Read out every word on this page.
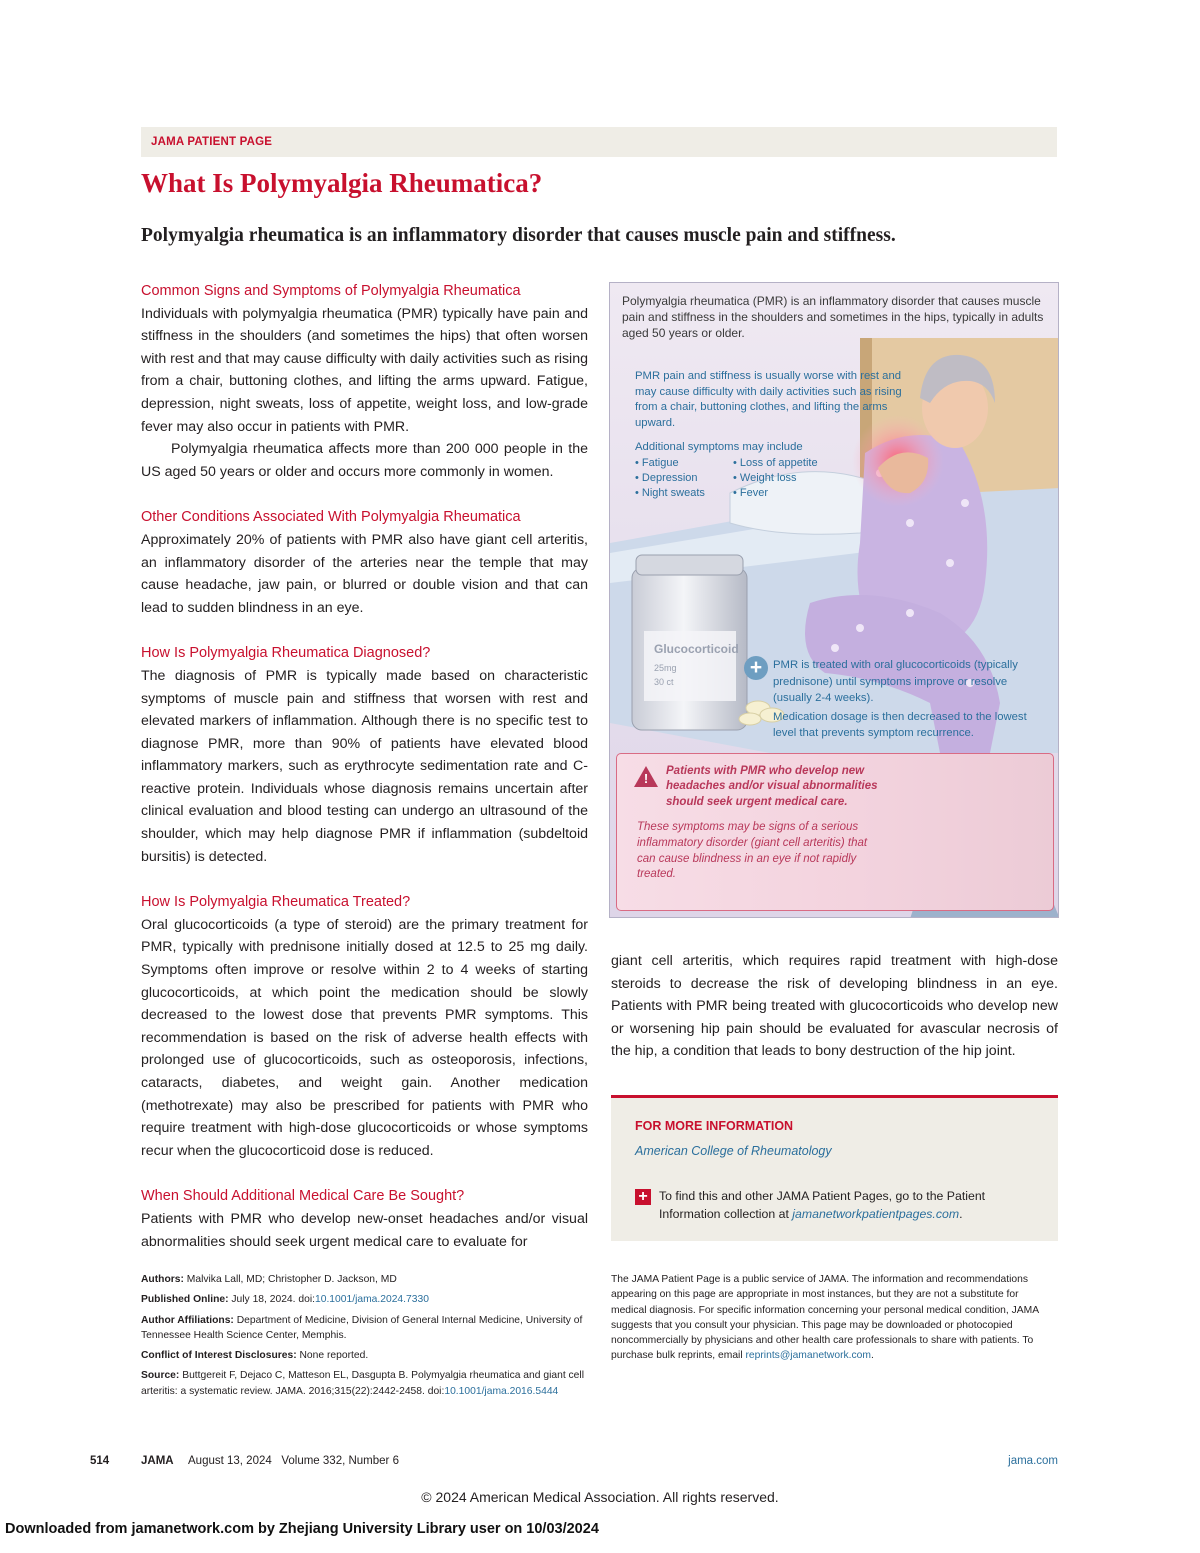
JAMA PATIENT PAGE
What Is Polymyalgia Rheumatica?
Polymyalgia rheumatica is an inflammatory disorder that causes muscle pain and stiffness.
Common Signs and Symptoms of Polymyalgia Rheumatica

Individuals with polymyalgia rheumatica (PMR) typically have pain and stiffness in the shoulders (and sometimes the hips) that often worsen with rest and that may cause difficulty with daily activities such as rising from a chair, buttoning clothes, and lifting the arms upward. Fatigue, depression, night sweats, loss of appetite, weight loss, and low-grade fever may also occur in patients with PMR.

Polymyalgia rheumatica affects more than 200 000 people in the US aged 50 years or older and occurs more commonly in women.

Other Conditions Associated With Polymyalgia Rheumatica

Approximately 20% of patients with PMR also have giant cell arteritis, an inflammatory disorder of the arteries near the temple that may cause headache, jaw pain, or blurred or double vision and that can lead to sudden blindness in an eye.

How Is Polymyalgia Rheumatica Diagnosed?

The diagnosis of PMR is typically made based on characteristic symptoms of muscle pain and stiffness that worsen with rest and elevated markers of inflammation. Although there is no specific test to diagnose PMR, more than 90% of patients have elevated blood inflammatory markers, such as erythrocyte sedimentation rate and C-reactive protein. Individuals whose diagnosis remains uncertain after clinical evaluation and blood testing can undergo an ultrasound of the shoulder, which may help diagnose PMR if inflammation (subdeltoid bursitis) is detected.

How Is Polymyalgia Rheumatica Treated?

Oral glucocorticoids (a type of steroid) are the primary treatment for PMR, typically with prednisone initially dosed at 12.5 to 25 mg daily. Symptoms often improve or resolve within 2 to 4 weeks of starting glucocorticoids, at which point the medication should be slowly decreased to the lowest dose that prevents PMR symptoms. This recommendation is based on the risk of adverse health effects with prolonged use of glucocorticoids, such as osteoporosis, infections, cataracts, diabetes, and weight gain. Another medication (methotrexate) may also be prescribed for patients with PMR who require treatment with high-dose glucocorticoids or whose symptoms recur when the glucocorticoid dose is reduced.

When Should Additional Medical Care Be Sought?

Patients with PMR who develop new-onset headaches and/or visual abnormalities should seek urgent medical care to evaluate for

Glucocorticoid
25mg
30 ct
Polymyalgia rheumatica (PMR) is an inflammatory disorder that causes muscle pain and stiffness in the shoulders and sometimes in the hips, typically in adults aged 50 years or older.
PMR pain and stiffness is usually worse with rest and may cause difficulty with daily activities such as rising from a chair, buttoning clothes, and lifting the arms upward.
Additional symptoms may include
• Fatigue	• Loss of appetite
• Depression	• Weight loss
• Night sweats	• Fever
+ PMR is treated with oral glucocorticoids (typically prednisone) until symptoms improve or resolve (usually 2-4 weeks).
Medication dosage is then decreased to the lowest level that prevents symptom recurrence.
!	Patients with PMR who develop new headaches and/or visual abnormalities should seek urgent medical care.
These symptoms may be signs of a serious inflammatory disorder (giant cell arteritis) that can cause blindness in an eye if not rapidly treated.

giant cell arteritis, which requires rapid treatment with high-dose steroids to decrease the risk of developing blindness in an eye. Patients with PMR being treated with glucocorticoids who develop new or worsening hip pain should be evaluated for avascular necrosis of the hip, a condition that leads to bony destruction of the hip joint.

FOR MORE INFORMATION
American College of Rheumatology
+ To find this and other JAMA Patient Pages, go to the Patient Information collection at jamanetworkpatientpages.com.
Authors: Malvika Lall, MD; Christopher D. Jackson, MD
Published Online: July 18, 2024. doi:10.1001/jama.2024.7330
Author Affiliations: Department of Medicine, Division of General Internal Medicine, University of Tennessee Health Science Center, Memphis.
Conflict of Interest Disclosures: None reported.
Source: Buttgereit F, Dejaco C, Matteson EL, Dasgupta B. Polymyalgia rheumatica and giant cell arteritis: a systematic review. JAMA. 2016;315(22):2442-2458. doi:10.1001/jama.2016.5444
The JAMA Patient Page is a public service of JAMA. The information and recommendations appearing on this page are appropriate in most instances, but they are not a substitute for medical diagnosis. For specific information concerning your personal medical condition, JAMA suggests that you consult your physician. This page may be downloaded or photocopied noncommercially by physicians and other health care professionals to share with patients. To purchase bulk reprints, email reprints@jamanetwork.com.
514	JAMA August 13, 2024   Volume 332, Number 6	jama.com
© 2024 American Medical Association. All rights reserved.
Downloaded from jamanetwork.com by Zhejiang University Library user on 10/03/2024
